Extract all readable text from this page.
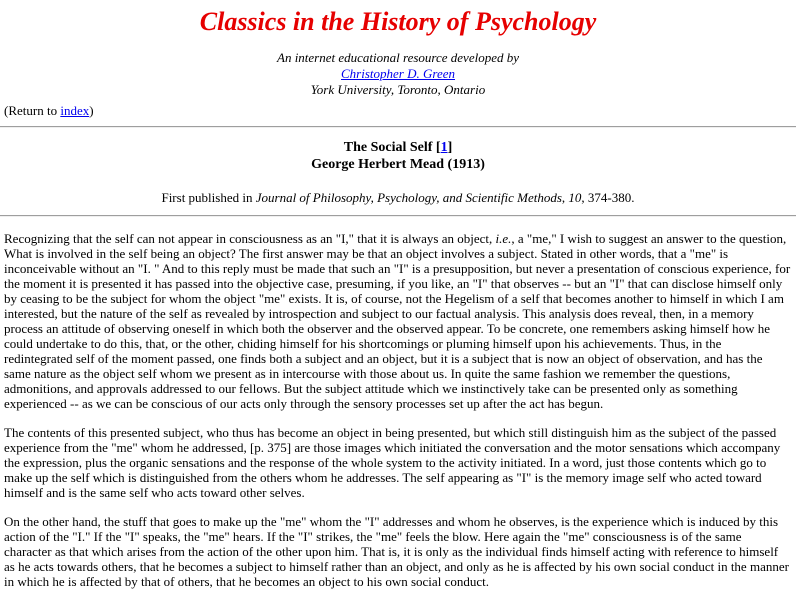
Classics in the History of Psychology
An internet educational resource developed by
Christopher D. Green
York University, Toronto, Ontario
(Return to index)
The Social Self [1]
George Herbert Mead (1913)
First published in Journal of Philosophy, Psychology, and Scientific Methods, 10, 374-380.

Recognizing that the self can not appear in consciousness as an "I," that it is always an object, i.e., a "me," I wish to suggest an answer to the question, What is involved in the self being an object? The first answer may be that an object involves a subject. Stated in other words, that a "me" is inconceivable without an "I. " And to this reply must be made that such an "I" is a presupposition, but never a presentation of conscious experience, for the moment it is presented it has passed into the objective case, presuming, if you like, an "I" that observes -- but an "I" that can disclose himself only by ceasing to be the subject for whom the object "me" exists. It is, of course, not the Hegelism of a self that becomes another to himself in which I am interested, but the nature of the self as revealed by introspection and subject to our factual analysis. This analysis does reveal, then, in a memory process an attitude of observing oneself in which both the observer and the observed appear. To be concrete, one remembers asking himself how he could undertake to do this, that, or the other, chiding himself for his shortcomings or pluming himself upon his achievements. Thus, in the redintegrated self of the moment passed, one finds both a subject and an object, but it is a subject that is now an object of observation, and has the same nature as the object self whom we present as in intercourse with those about us. In quite the same fashion we remember the questions, admonitions, and approvals addressed to our fellows. But the subject attitude which we instinctively take can be presented only as something experienced -- as we can be conscious of our acts only through the sensory processes set up after the act has begun.

The contents of this presented subject, who thus has become an object in being presented, but which still distinguish him as the subject of the passed experience from the "me" whom he addressed, [p. 375] are those images which initiated the conversation and the motor sensations which accompany the expression, plus the organic sensations and the response of the whole system to the activity initiated. In a word, just those contents which go to make up the self which is distinguished from the others whom he addresses. The self appearing as "I" is the memory image self who acted toward himself and is the same self who acts toward other selves.

On the other hand, the stuff that goes to make up the "me" whom the "I" addresses and whom he observes, is the experience which is induced by this action of the "I." If the "I" speaks, the "me" hears. If the "I" strikes, the "me" feels the blow. Here again the "me" consciousness is of the same character as that which arises from the action of the other upon him. That is, it is only as the individual finds himself acting with reference to himself as he acts towards others, that he becomes a subject to himself rather than an object, and only as he is affected by his own social conduct in the manner in which he is affected by that of others, that he becomes an object to his own social conduct.
